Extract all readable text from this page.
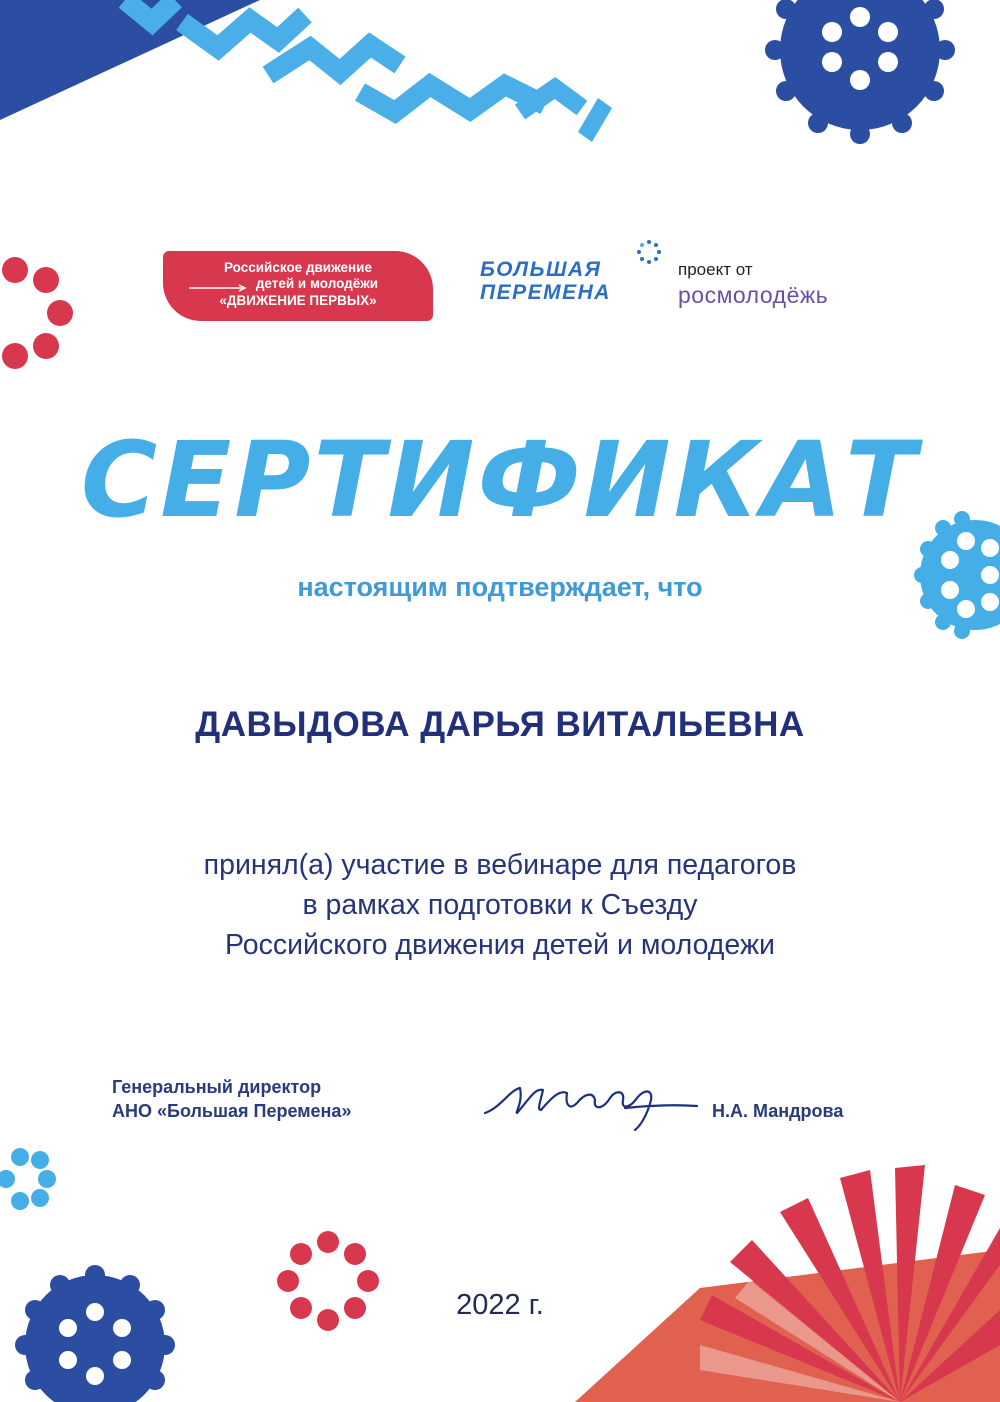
Российское движение
детей и молодёжи
«ДВИЖЕНИЕ ПЕРВЫХ»
БОЛЬШАЯ
ПЕРЕМЕНА
проект от
росмолодёжь
СЕРТИФИКАТ
настоящим подтверждает, что
ДАВЫДОВА ДАРЬЯ ВИТАЛЬЕВНА
принял(а) участие в вебинаре для педагогов
в рамках подготовки к Съезду
Российского движения детей и молодежи
Генеральный директор
АНО «Большая Перемена»	Н.А. Мандрова
2022 г.
